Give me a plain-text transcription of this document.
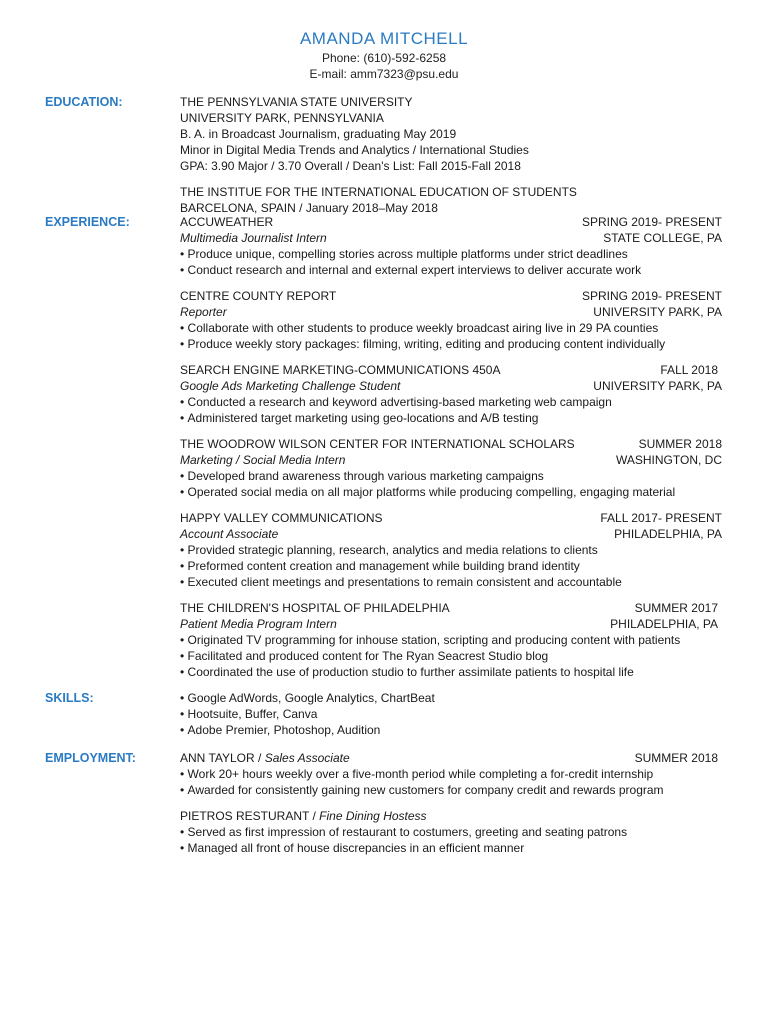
AMANDA MITCHELL
Phone: (610)-592-6258
E-mail: amm7323@psu.edu
EDUCATION:	THE PENNSYLVANIA STATE UNIVERSITY
UNIVERSITY PARK, PENNSYLVANIA
B. A. in Broadcast Journalism, graduating May 2019
Minor in Digital Media Trends and Analytics / International Studies
GPA: 3.90 Major / 3.70 Overall / Dean's List: Fall 2015-Fall 2018
THE INSTITUE FOR THE INTERNATIONAL EDUCATION OF STUDENTS
BARCELONA, SPAIN / January 2018–May 2018
EXPERIENCE:	ACCUWEATHER	SPRING 2019- PRESENT
Multimedia Journalist Intern	STATE COLLEGE, PA
• Produce unique, compelling stories across multiple platforms under strict deadlines
• Conduct research and internal and external expert interviews to deliver accurate work
CENTRE COUNTY REPORT	SPRING 2019- PRESENT
Reporter	UNIVERSITY PARK, PA
• Collaborate with other students to produce weekly broadcast airing live in 29 PA counties
• Produce weekly story packages: filming, writing, editing and producing content individually
SEARCH ENGINE MARKETING-COMMUNICATIONS 450A	FALL 2018
Google Ads Marketing Challenge Student	UNIVERSITY PARK, PA
• Conducted a research and keyword advertising-based marketing web campaign
• Administered target marketing using geo-locations and A/B testing
THE WOODROW WILSON CENTER FOR INTERNATIONAL SCHOLARS	SUMMER 2018
Marketing / Social Media Intern	WASHINGTON, DC
• Developed brand awareness through various marketing campaigns
• Operated social media on all major platforms while producing compelling, engaging material
HAPPY VALLEY COMMUNICATIONS	FALL 2017- PRESENT
Account Associate	PHILADELPHIA, PA
• Provided strategic planning, research, analytics and media relations to clients
• Preformed content creation and management while building brand identity
• Executed client meetings and presentations to remain consistent and accountable
THE CHILDREN'S HOSPITAL OF PHILADELPHIA	SUMMER 2017
Patient Media Program Intern	PHILADELPHIA, PA
• Originated TV programming for inhouse station, scripting and producing content with patients
• Facilitated and produced content for The Ryan Seacrest Studio blog
• Coordinated the use of production studio to further assimilate patients to hospital life
SKILLS:
•	Google AdWords, Google Analytics, ChartBeat
• Hootsuite, Buffer, Canva
• Adobe Premier, Photoshop, Audition
EMPLOYMENT:	ANN TAYLOR / Sales Associate	SUMMER 2018
• Work 20+ hours weekly over a five-month period while completing a for-credit internship
• Awarded for consistently gaining new customers for company credit and rewards program
PIETROS RESTURANT / Fine Dining Hostess
• Served as first impression of restaurant to costumers, greeting and seating patrons
• Managed all front of house discrepancies in an efficient manner
